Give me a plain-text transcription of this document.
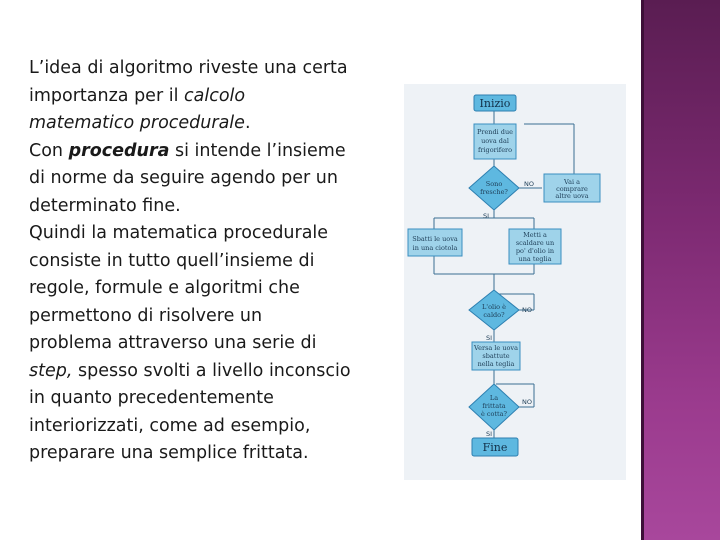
L’idea di algoritmo riveste una certa
importanza per il calcolo
matematico procedurale.
Con procedura si intende l’insieme
di norme da seguire agendo per un
determinato fine.
Quindi la matematica procedurale
consiste in tutto quell’insieme di
regole, formule e algoritmi che
permettono di risolvere un
problema attraverso una serie di
step, spesso svolti a livello inconscio
in quanto precedentemente
interiorizzati, come ad esempio,
preparare una semplice frittata.
Inizio
Prendi due
uova dal
frigorifero
Sono
fresche?
NO
SI
Vai a
comprare
altre uova
Sbatti le uova
in una ciotola
Metti a
scaldare un
po' d'olio in
una teglia
L'olio è
caldo?
NO
SI
Versa le uova
sbattute
nella teglia
La
frittata
è cotta?
NO
SI
Fine
